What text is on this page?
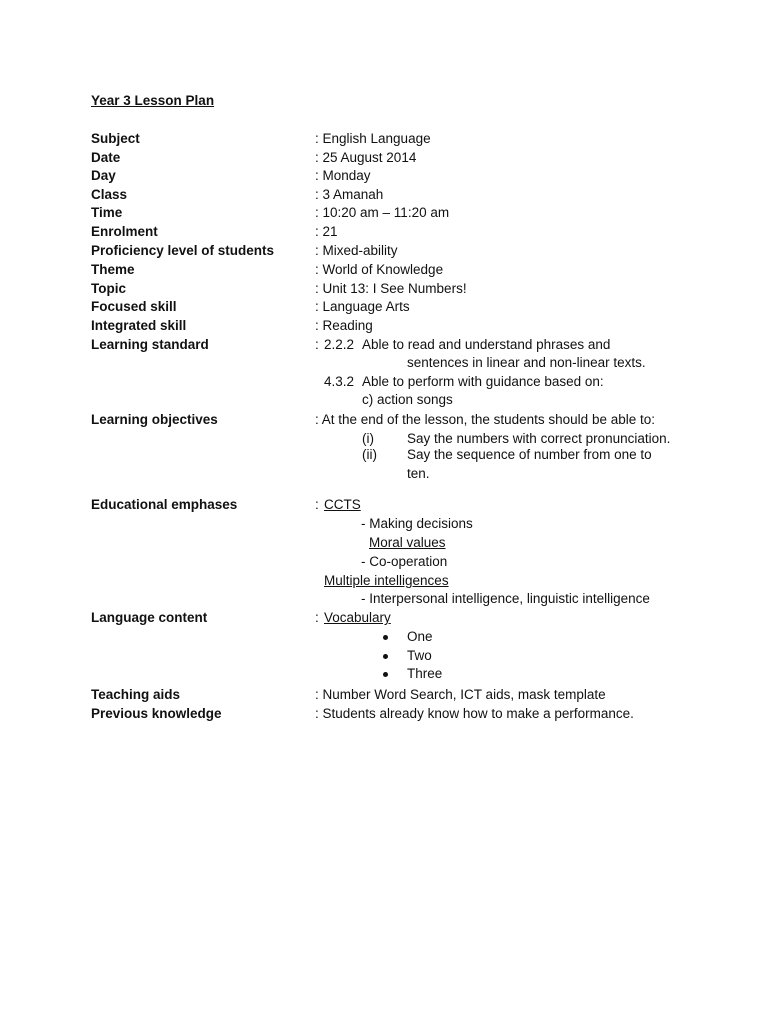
Year 3 Lesson Plan
Subject	: English Language
Date	: 25 August 2014
Day	: Monday
Class	: 3 Amanah
Time	: 10:20 am – 11:20 am
Enrolment	: 21
Proficiency level of students	: Mixed-ability
Theme	: World of Knowledge
Topic	: Unit 13: I See Numbers!
Focused skill	: Language Arts
Integrated skill	: Reading
Learning standard	: 2.2.2 Able to read and understand phrases and
sentences in linear and non-linear texts.
4.3.2 Able to perform with guidance based on:
c) action songs
Learning objectives	: At the end of the lesson, the students should be able to:
(i) Say the numbers with correct pronunciation.
(ii) Say the sequence of number from one to
ten.
Educational emphases	: CCTS
- Making decisions
Moral values
- Co-operation
Multiple intelligences
- Interpersonal intelligence, linguistic intelligence
Language content	: Vocabulary
One
Two
Three
Teaching aids	: Number Word Search, ICT aids, mask template
Previous knowledge	: Students already know how to make a performance.
